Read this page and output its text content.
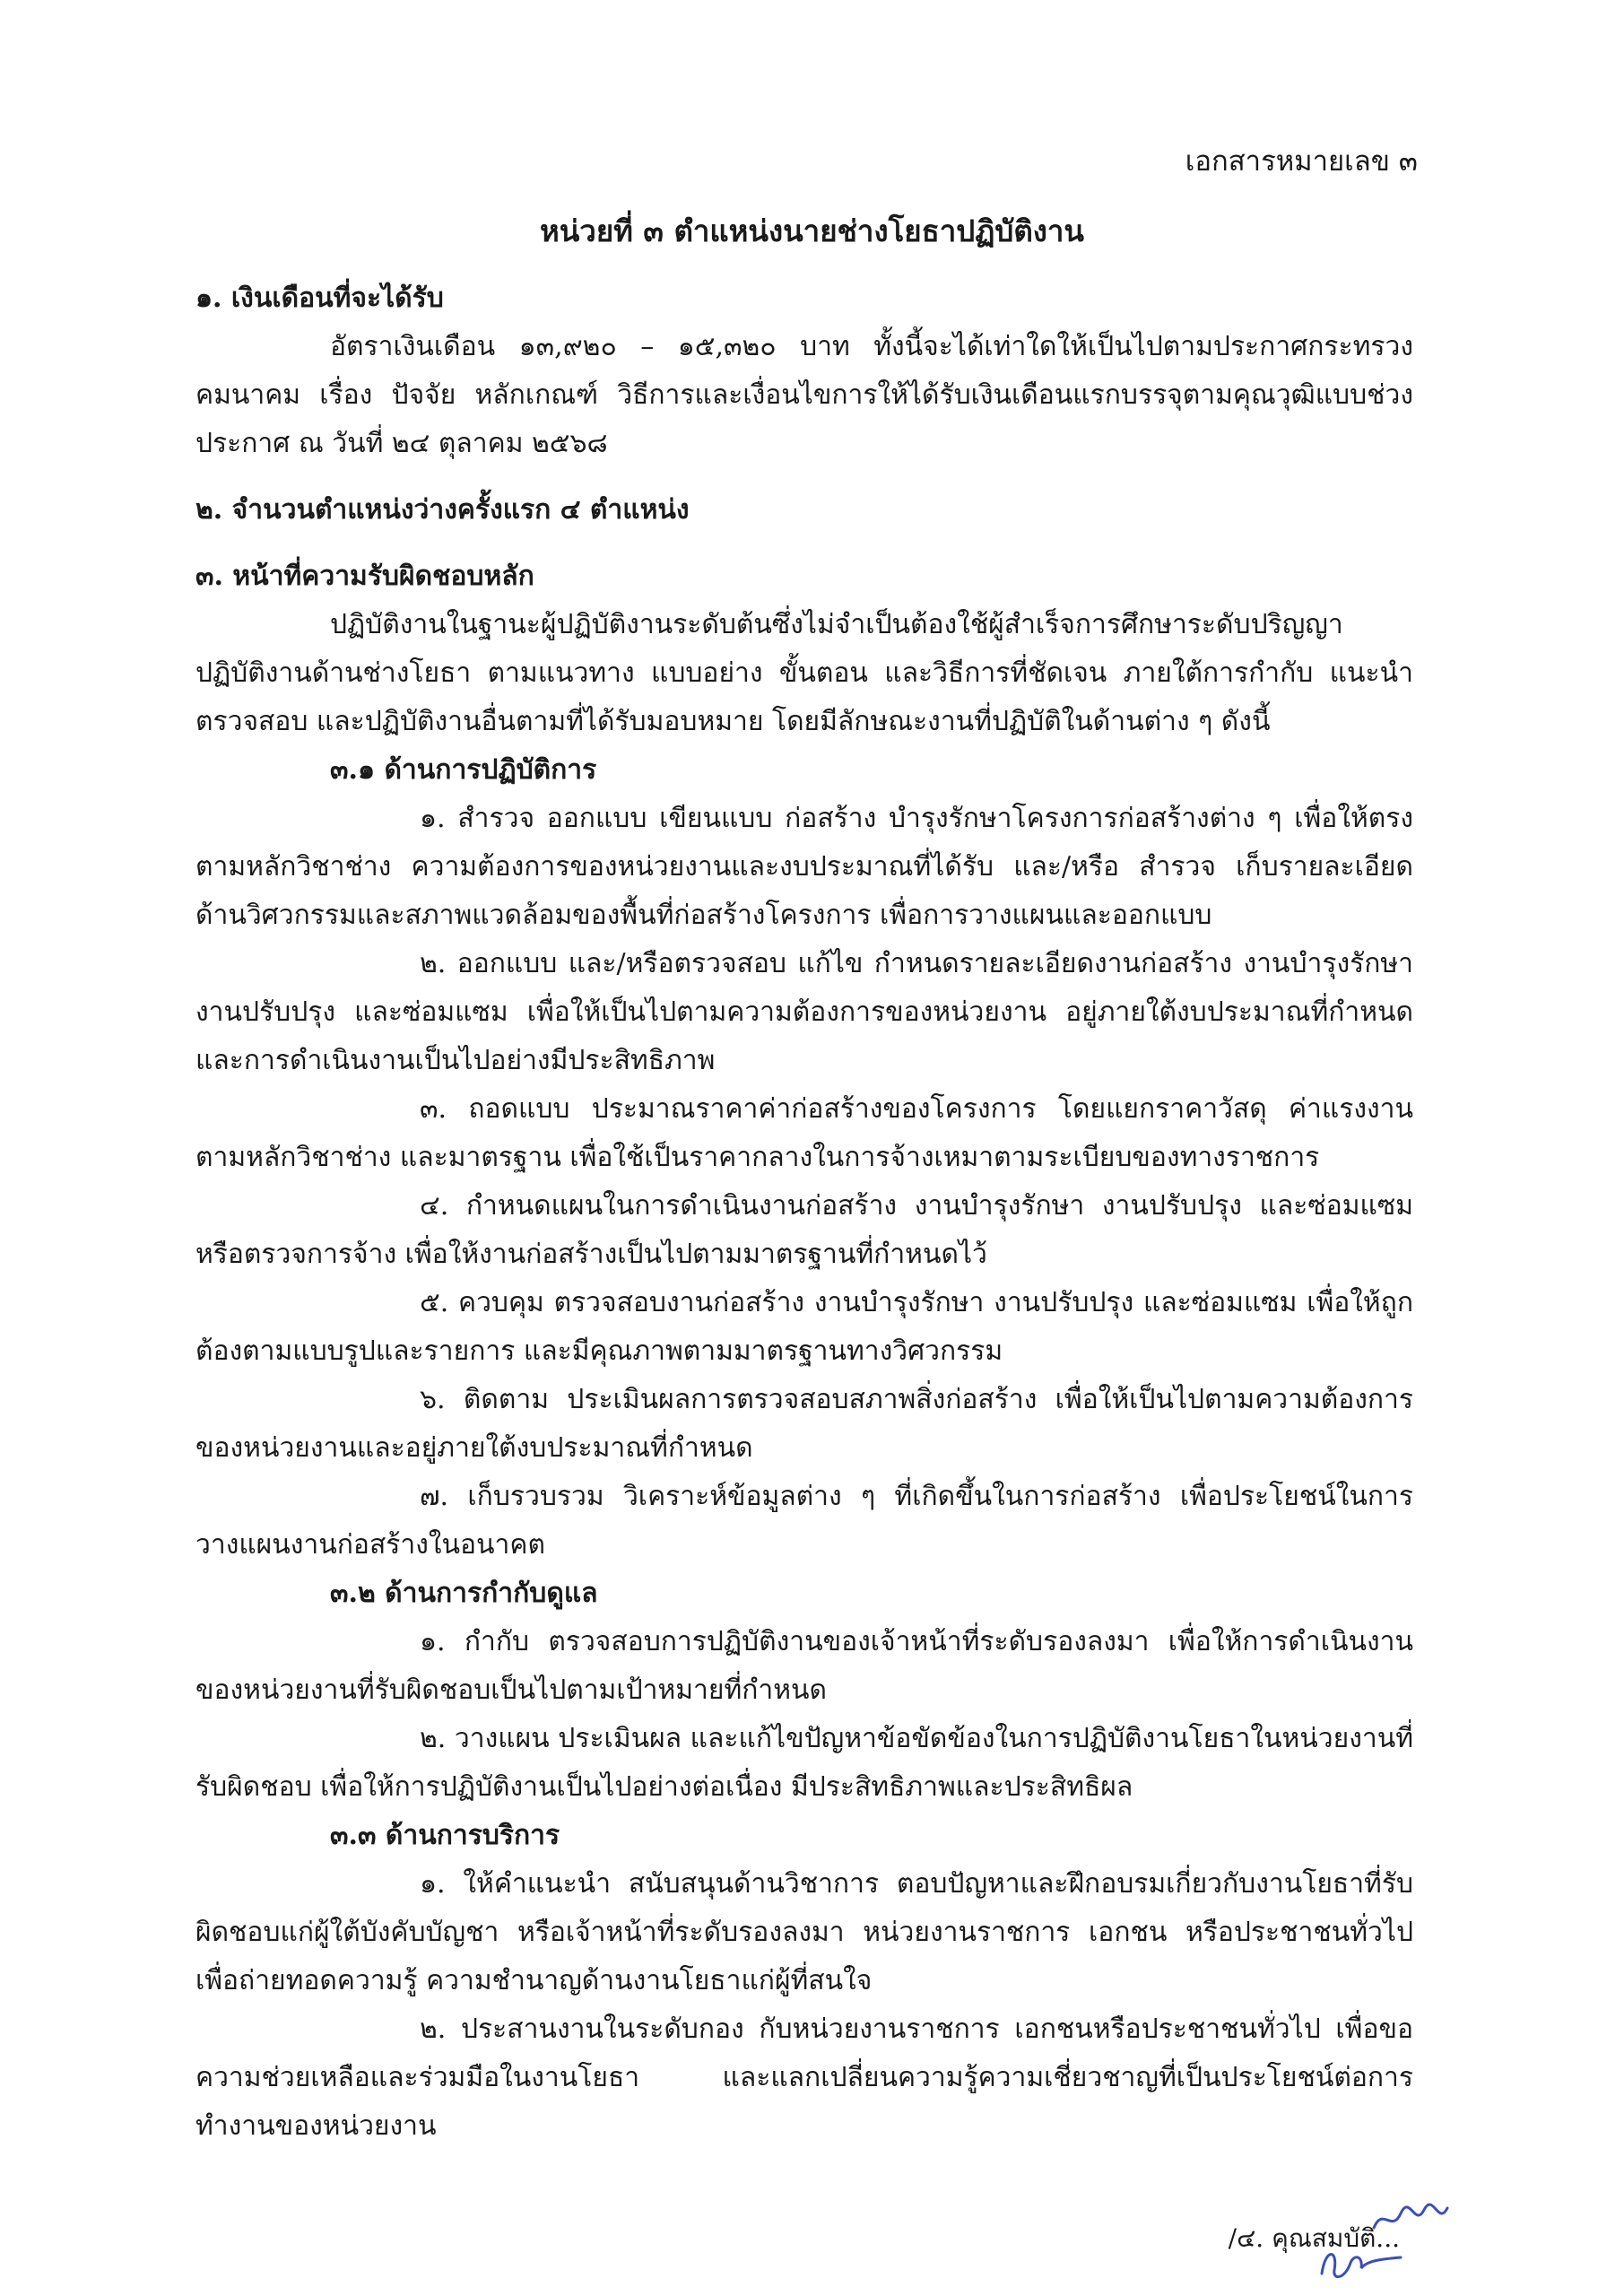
เอกสารหมายเลข ๓
หน่วยที่ ๓ ตำแหน่งนายช่างโยธาปฏิบัติงาน
๑. เงินเดือนที่จะได้รับ

อัตราเงินเดือน ๑๓,๙๒๐ – ๑๕,๓๒๐ บาท ทั้งนี้จะได้เท่าใดให้เป็นไปตามประกาศกระทรวงคมนาคม เรื่อง ปัจจัย หลักเกณฑ์ วิธีการและเงื่อนไขการให้ได้รับเงินเดือนแรกบรรจุตามคุณวุฒิแบบช่วง ประกาศ ณ วันที่ ๒๔ ตุลาคม ๒๕๖๘

๒. จำนวนตำแหน่งว่างครั้งแรก ๔ ตำแหน่ง
๓. หน้าที่ความรับผิดชอบหลัก

ปฏิบัติงานในฐานะผู้ปฏิบัติงานระดับต้นซึ่งไม่จำเป็นต้องใช้ผู้สำเร็จการศึกษาระดับปริญญา ปฏิบัติงานด้านช่างโยธา ตามแนวทาง แบบอย่าง ขั้นตอน และวิธีการที่ชัดเจน ภายใต้การกำกับ แนะนำ ตรวจสอบ และปฏิบัติงานอื่นตามที่ได้รับมอบหมาย โดยมีลักษณะงานที่ปฏิบัติในด้านต่าง ๆ ดังนี้

๓.๑ ด้านการปฏิบัติการ

๑. สำรวจ ออกแบบ เขียนแบบ ก่อสร้าง บำรุงรักษาโครงการก่อสร้างต่าง ๆ เพื่อให้ตรงตามหลักวิชาช่าง ความต้องการของหน่วยงานและงบประมาณที่ได้รับ และ/หรือ สำรวจ เก็บรายละเอียดด้านวิศวกรรมและสภาพแวดล้อมของพื้นที่ก่อสร้างโครงการ เพื่อการวางแผนและออกแบบ

๒. ออกแบบ และ/หรือตรวจสอบ แก้ไข กำหนดรายละเอียดงานก่อสร้าง งานบำรุงรักษา งานปรับปรุง และซ่อมแซม เพื่อให้เป็นไปตามความต้องการของหน่วยงาน อยู่ภายใต้งบประมาณที่กำหนด และการดำเนินงานเป็นไปอย่างมีประสิทธิภาพ

๓. ถอดแบบ ประมาณราคาค่าก่อสร้างของโครงการ โดยแยกราคาวัสดุ ค่าแรงงาน ตามหลักวิชาช่าง และมาตรฐาน เพื่อใช้เป็นราคากลางในการจ้างเหมาตามระเบียบของทางราชการ

๔. กำหนดแผนในการดำเนินงานก่อสร้าง งานบำรุงรักษา งานปรับปรุง และซ่อมแซม หรือตรวจการจ้าง เพื่อให้งานก่อสร้างเป็นไปตามมาตรฐานที่กำหนดไว้

๕. ควบคุม ตรวจสอบงานก่อสร้าง งานบำรุงรักษา งานปรับปรุง และซ่อมแซม เพื่อให้ถูกต้องตามแบบรูปและรายการ และมีคุณภาพตามมาตรฐานทางวิศวกรรม

๖. ติดตาม ประเมินผลการตรวจสอบสภาพสิ่งก่อสร้าง เพื่อให้เป็นไปตามความต้องการของหน่วยงานและอยู่ภายใต้งบประมาณที่กำหนด

๗. เก็บรวบรวม วิเคราะห์ข้อมูลต่าง ๆ ที่เกิดขึ้นในการก่อสร้าง เพื่อประโยชน์ในการวางแผนงานก่อสร้างในอนาคต

๓.๒ ด้านการกำกับดูแล

๑. กำกับ ตรวจสอบการปฏิบัติงานของเจ้าหน้าที่ระดับรองลงมา เพื่อให้การดำเนินงานของหน่วยงานที่รับผิดชอบเป็นไปตามเป้าหมายที่กำหนด

๒. วางแผน ประเมินผล และแก้ไขปัญหาข้อขัดข้องในการปฏิบัติงานโยธาในหน่วยงานที่รับผิดชอบ เพื่อให้การปฏิบัติงานเป็นไปอย่างต่อเนื่อง มีประสิทธิภาพและประสิทธิผล

๓.๓ ด้านการบริการ

๑. ให้คำแนะนำ สนับสนุนด้านวิชาการ ตอบปัญหาและฝึกอบรมเกี่ยวกับงานโยธาที่รับผิดชอบแก่ผู้ใต้บังคับบัญชา หรือเจ้าหน้าที่ระดับรองลงมา หน่วยงานราชการ เอกชน หรือประชาชนทั่วไป เพื่อถ่ายทอดความรู้ ความชำนาญด้านงานโยธาแก่ผู้ที่สนใจ

๒. ประสานงานในระดับกอง กับหน่วยงานราชการ เอกชนหรือประชาชนทั่วไป เพื่อขอความช่วยเหลือและร่วมมือในงานโยธา และแลกเปลี่ยนความรู้ความเชี่ยวชาญที่เป็นประโยชน์ต่อการทำงานของหน่วยงาน

/๔. คุณสมบัติ...
